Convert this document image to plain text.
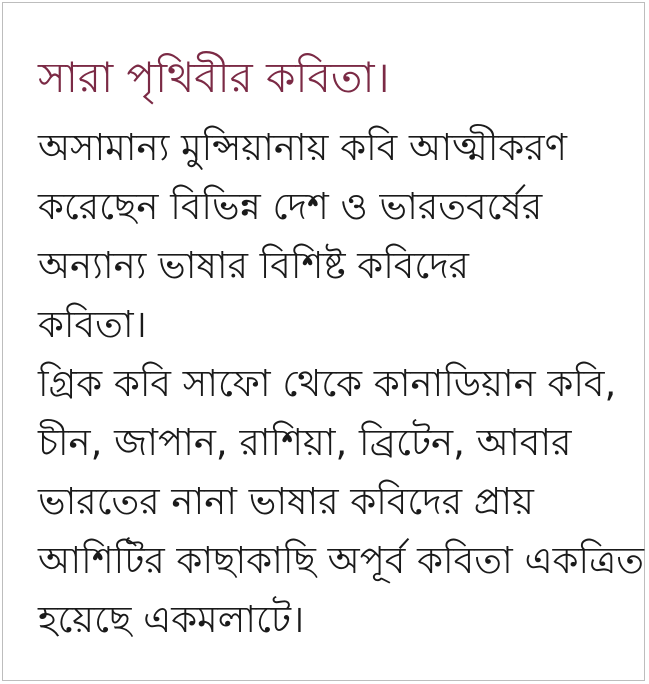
সারা পৃথিবীর কবিতা।

অসামান্য মুন্সিয়ানায় কবি আত্মীকরণ

করেছেন বিভিন্ন দেশ ও ভারতবর্ষের

অন্যান্য ভাষার বিশিষ্ট কবিদের

কবিতা।

গ্রিক কবি সাফো থেকে কানাডিয়ান কবি,

চীন, জাপান, রাশিয়া, ব্রিটেন, আবার

ভারতের নানা ভাষার কবিদের প্রায়

আশিটির কাছাকাছি অপূর্ব কবিতা একত্রিত

হয়েছে একমলাটে।
